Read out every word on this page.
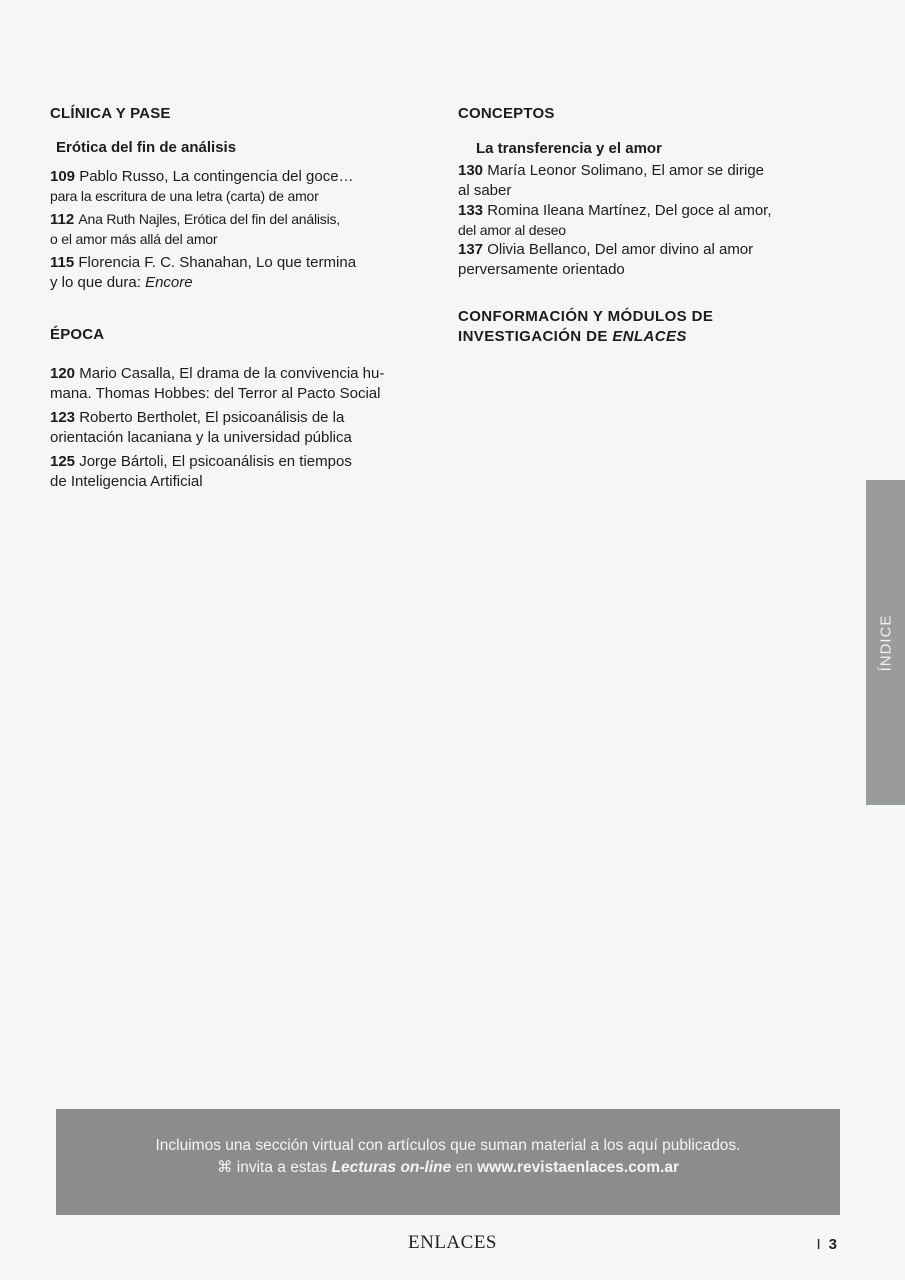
CLÍNICA Y PASE
Erótica del fin de análisis

109 Pablo Russo, La contingencia del goce…
para la escritura de una letra (carta) de amor

112 Ana Ruth Najles, Erótica del fin del análisis,
o el amor más allá del amor

115 Florencia F. C. Shanahan, Lo que termina
y lo que dura: Encore

ÉPOCA

120 Mario Casalla, El drama de la convivencia hu-
mana. Thomas Hobbes: del Terror al Pacto Social

123 Roberto Bertholet, El psicoanálisis de la
orientación lacaniana y la universidad pública

125 Jorge Bártoli, El psicoanálisis en tiempos
de Inteligencia Artificial

CONCEPTOS
La transferencia y el amor

130 María Leonor Solimano, El amor se dirige
al saber

133 Romina Ileana Martínez, Del goce al amor,
del amor al deseo

137 Olivia Bellanco, Del amor divino al amor
perversamente orientado

CONFORMACIÓN Y MÓDULOS DE
INVESTIGACIÓN DE ENLACES
ÍNDICE
Incluimos una sección virtual con artículos que suman material a los aquí publicados.
⌘ invita a estas Lecturas on-line en www.revistaenlaces.com.ar
ENLACES	I 3
